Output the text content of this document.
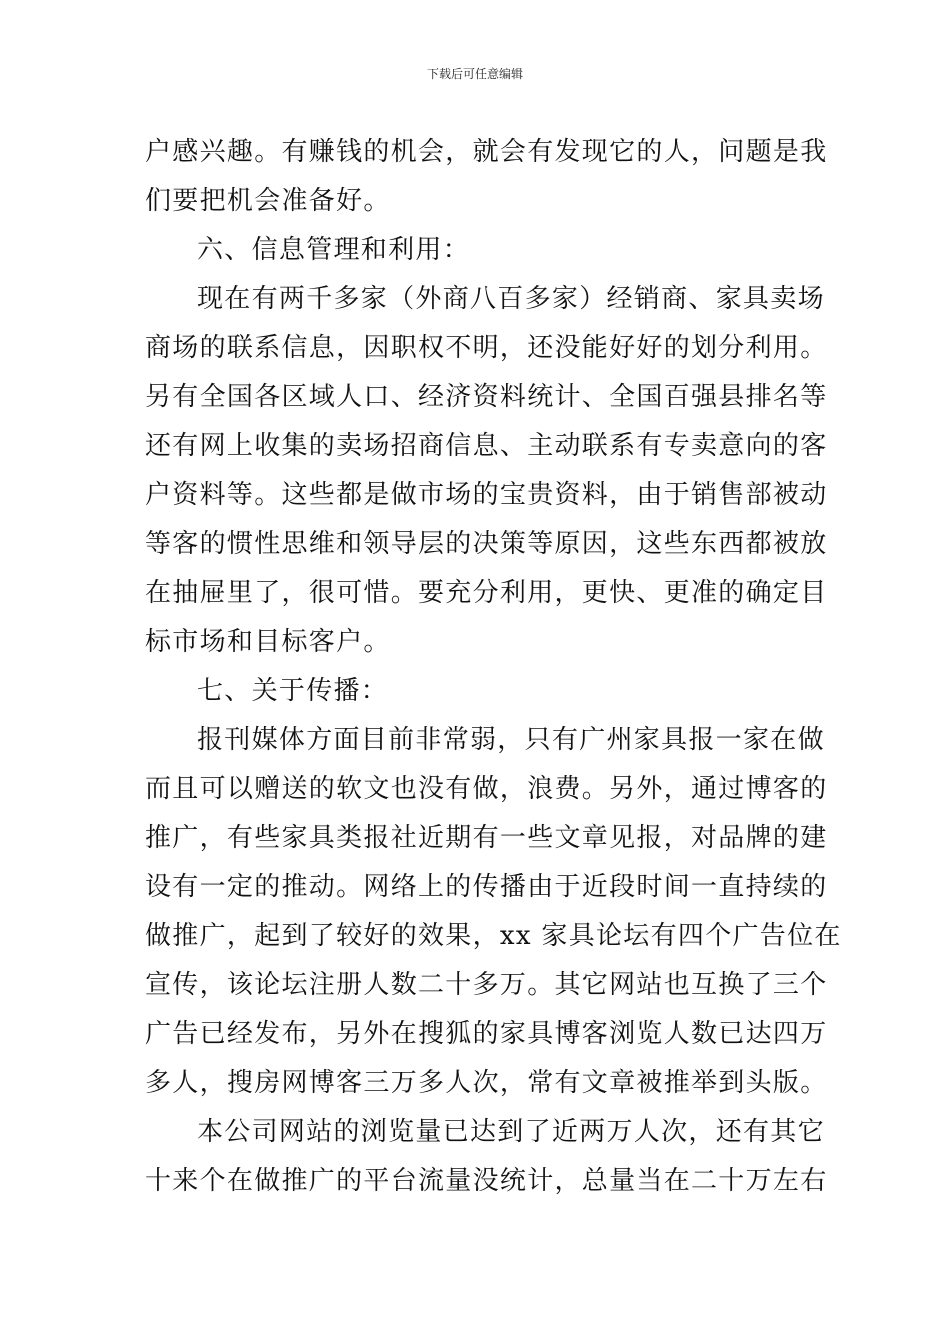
下载后可任意编辑
户感兴趣。有赚钱的机会，就会有发现它的人，问题是我
们要把机会准备好。
六、信息管理和利用：
现在有两千多家（外商八百多家）经销商、家具卖场
商场的联系信息，因职权不明，还没能好好的划分利用。
另有全国各区域人口、经济资料统计、全国百强县排名等
还有网上收集的卖场招商信息、主动联系有专卖意向的客
户资料等。这些都是做市场的宝贵资料，由于销售部被动
等客的惯性思维和领导层的决策等原因，这些东西都被放
在抽屉里了，很可惜。要充分利用，更快、更准的确定目
标市场和目标客户。
七、关于传播：
报刊媒体方面目前非常弱，只有广州家具报一家在做
而且可以赠送的软文也没有做，浪费。另外，通过博客的
推广，有些家具类报社近期有一些文章见报，对品牌的建
设有一定的推动。网络上的传播由于近段时间一直持续的
做推广，起到了较好的效果，xx 家具论坛有四个广告位在
宣传，该论坛注册人数二十多万。其它网站也互换了三个
广告已经发布，另外在搜狐的家具博客浏览人数已达四万
多人，搜房网博客三万多人次，常有文章被推举到头版。
本公司网站的浏览量已达到了近两万人次，还有其它
十来个在做推广的平台流量没统计，总量当在二十万左右
